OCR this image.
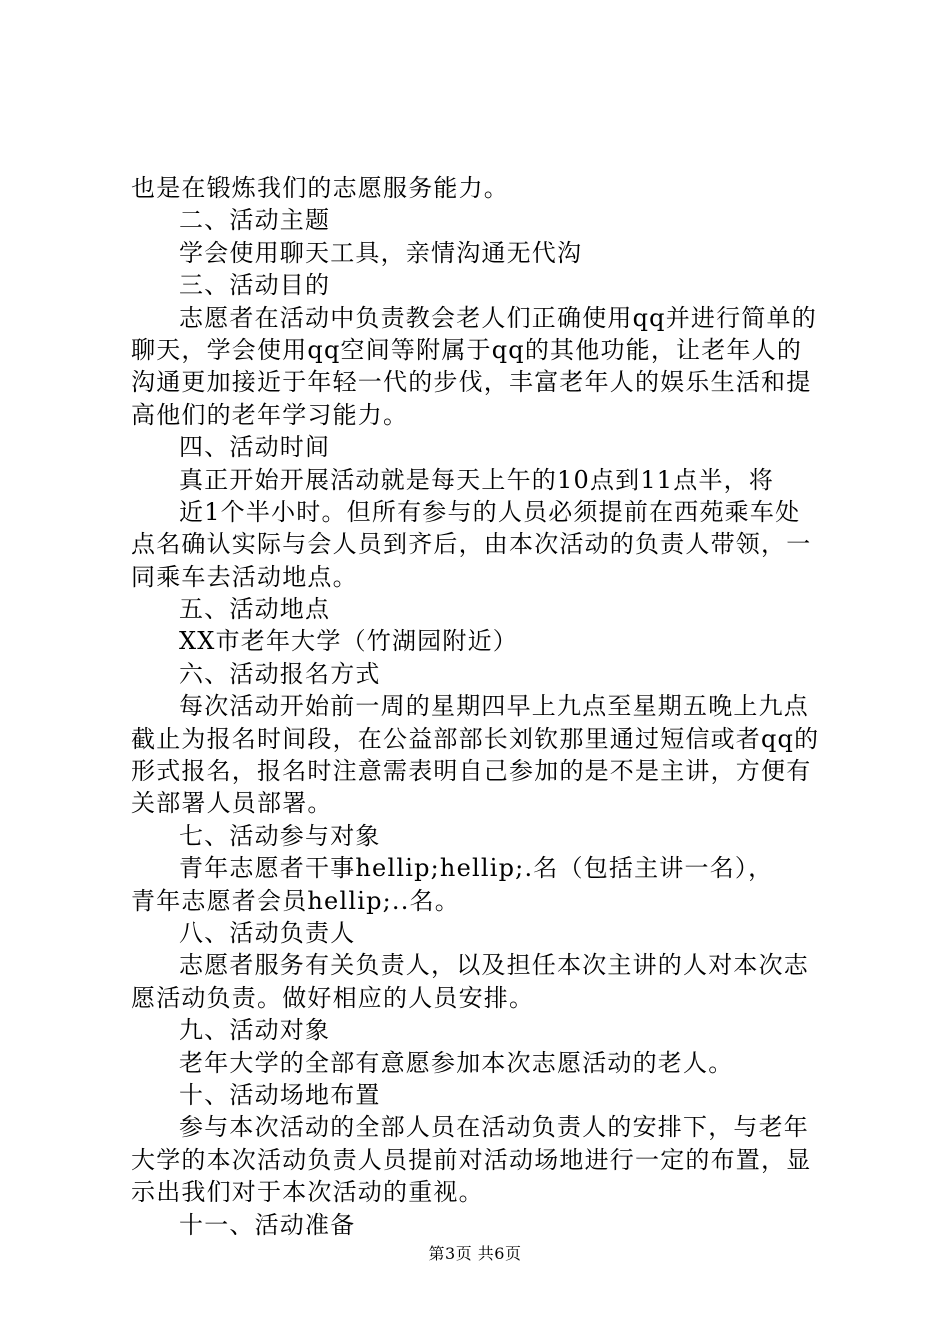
也是在锻炼我们的志愿服务能力。
二、活动主题
学会使用聊天工具，亲情沟通无代沟
三、活动目的
志愿者在活动中负责教会老人们正确使用qq并进行简单的
聊天，学会使用qq空间等附属于qq的其他功能，让老年人的
沟通更加接近于年轻一代的步伐，丰富老年人的娱乐生活和提
高他们的老年学习能力。
四、活动时间
真正开始开展活动就是每天上午的10点到11点半，将
近1个半小时。但所有参与的人员必须提前在西苑乘车处
点名确认实际与会人员到齐后，由本次活动的负责人带领，一
同乘车去活动地点。
五、活动地点
XX市老年大学（竹湖园附近）
六、活动报名方式
每次活动开始前一周的星期四早上九点至星期五晚上九点
截止为报名时间段，在公益部部长刘钦那里通过短信或者qq的
形式报名，报名时注意需表明自己参加的是不是主讲，方便有
关部署人员部署。
七、活动参与对象
青年志愿者干事hellip;hellip;.名（包括主讲一名），
青年志愿者会员hellip;..名。
八、活动负责人
志愿者服务有关负责人，以及担任本次主讲的人对本次志
愿活动负责。做好相应的人员安排。
九、活动对象
老年大学的全部有意愿参加本次志愿活动的老人。
十、活动场地布置
参与本次活动的全部人员在活动负责人的安排下，与老年
大学的本次活动负责人员提前对活动场地进行一定的布置，显
示出我们对于本次活动的重视。
十一、活动准备
第3页 共6页
